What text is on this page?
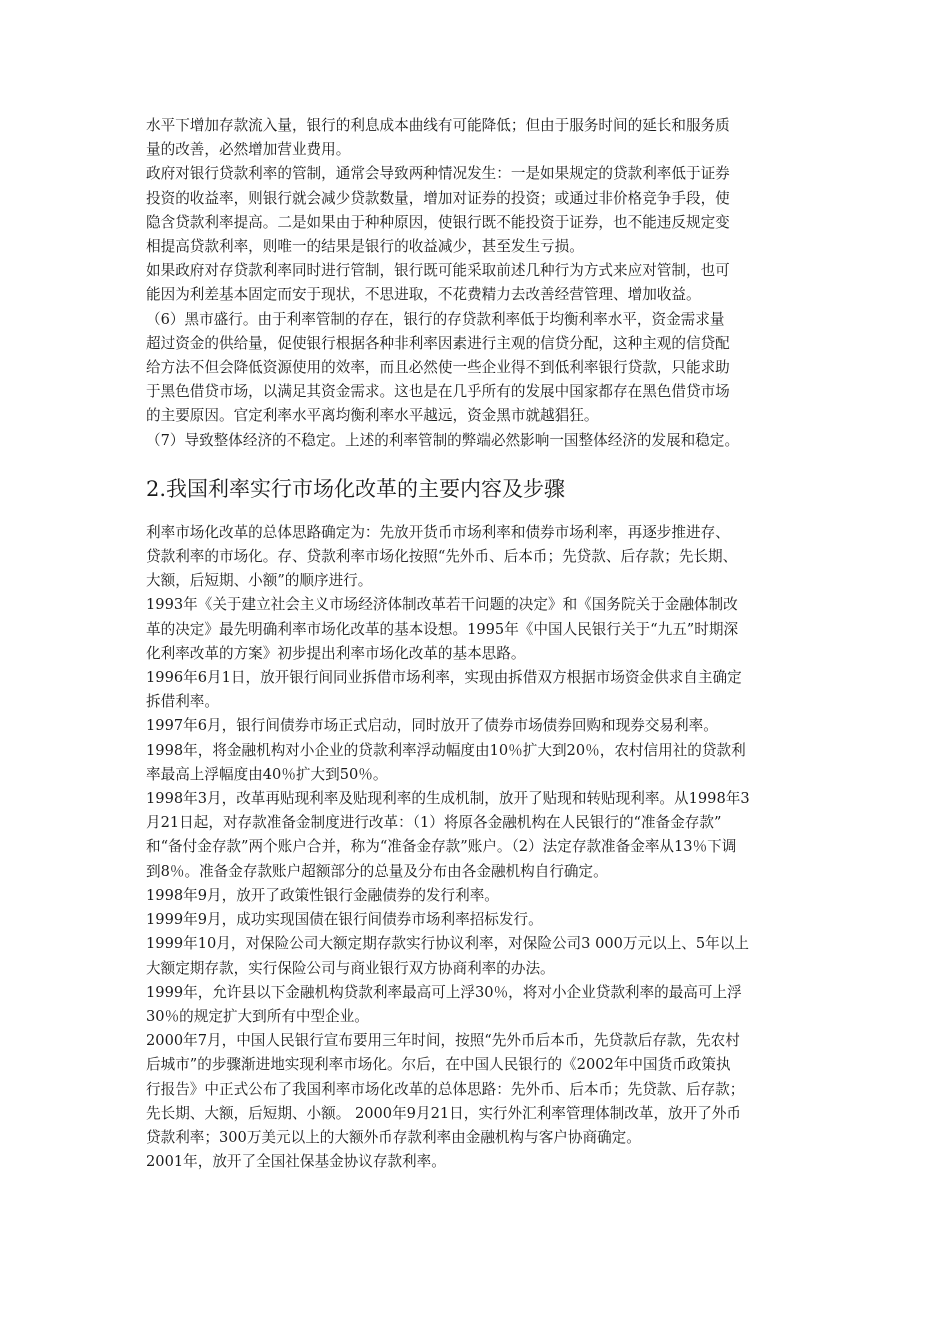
水平下增加存款流入量，银行的利息成本曲线有可能降低；但由于服务时间的延长和服务质
量的改善，必然增加营业费用。

政府对银行贷款利率的管制，通常会导致两种情况发生：一是如果规定的贷款利率低于证券
投资的收益率，则银行就会减少贷款数量，增加对证券的投资；或通过非价格竞争手段，使
隐含贷款利率提高。二是如果由于种种原因，使银行既不能投资于证券，也不能违反规定变
相提高贷款利率，则唯一的结果是银行的收益减少，甚至发生亏损。

如果政府对存贷款利率同时进行管制，银行既可能采取前述几种行为方式来应对管制，也可
能因为利差基本固定而安于现状，不思进取，不花费精力去改善经营管理、增加收益。

（6）黑市盛行。由于利率管制的存在，银行的存贷款利率低于均衡利率水平，资金需求量
超过资金的供给量，促使银行根据各种非利率因素进行主观的信贷分配，这种主观的信贷配
给方法不但会降低资源使用的效率，而且必然使一些企业得不到低利率银行贷款，只能求助
于黑色借贷市场，以满足其资金需求。这也是在几乎所有的发展中国家都存在黑色借贷市场
的主要原因。官定利率水平离均衡利率水平越远，资金黑市就越猖狂。

（7）导致整体经济的不稳定。上述的利率管制的弊端必然影响一国整体经济的发展和稳定。

2.我国利率实行市场化改革的主要内容及步骤

利率市场化改革的总体思路确定为：先放开货币市场利率和债券市场利率，再逐步推进存、
贷款利率的市场化。存、贷款利率市场化按照“先外币、后本币；先贷款、后存款；先长期、
大额，后短期、小额”的顺序进行。

1993年《关于建立社会主义市场经济体制改革若干问题的决定》和《国务院关于金融体制改
革的决定》最先明确利率市场化改革的基本设想。1995年《中国人民银行关于“九五”时期深
化利率改革的方案》初步提出利率市场化改革的基本思路。

1996年6月1日，放开银行间同业拆借市场利率，实现由拆借双方根据市场资金供求自主确定
拆借利率。

1997年6月，银行间债券市场正式启动，同时放开了债券市场债券回购和现券交易利率。

1998年，将金融机构对小企业的贷款利率浮动幅度由10％扩大到20％，农村信用社的贷款利
率最高上浮幅度由40％扩大到50％。

1998年3月，改革再贴现利率及贴现利率的生成机制，放开了贴现和转贴现利率。从1998年3
月21日起，对存款准备金制度进行改革：（1）将原各金融机构在人民银行的“准备金存款”
和“备付金存款”两个账户合并，称为“准备金存款”账户。（2）法定存款准备金率从13％下调
到8％。准备金存款账户超额部分的总量及分布由各金融机构自行确定。

1998年9月，放开了政策性银行金融债券的发行利率。

1999年9月，成功实现国债在银行间债券市场利率招标发行。

1999年10月，对保险公司大额定期存款实行协议利率，对保险公司3 000万元以上、5年以上
大额定期存款，实行保险公司与商业银行双方协商利率的办法。

1999年，允许县以下金融机构贷款利率最高可上浮30％，将对小企业贷款利率的最高可上浮
30％的规定扩大到所有中型企业。

2000年7月，中国人民银行宣布要用三年时间，按照“先外币后本币，先贷款后存款，先农村
后城市”的步骤渐进地实现利率市场化。尔后，在中国人民银行的《2002年中国货币政策执
行报告》中正式公布了我国利率市场化改革的总体思路：先外币、后本币；先贷款、后存款；
先长期、大额，后短期、小额。 2000年9月21日，实行外汇利率管理体制改革，放开了外币
贷款利率；300万美元以上的大额外币存款利率由金融机构与客户协商确定。

2001年，放开了全国社保基金协议存款利率。
